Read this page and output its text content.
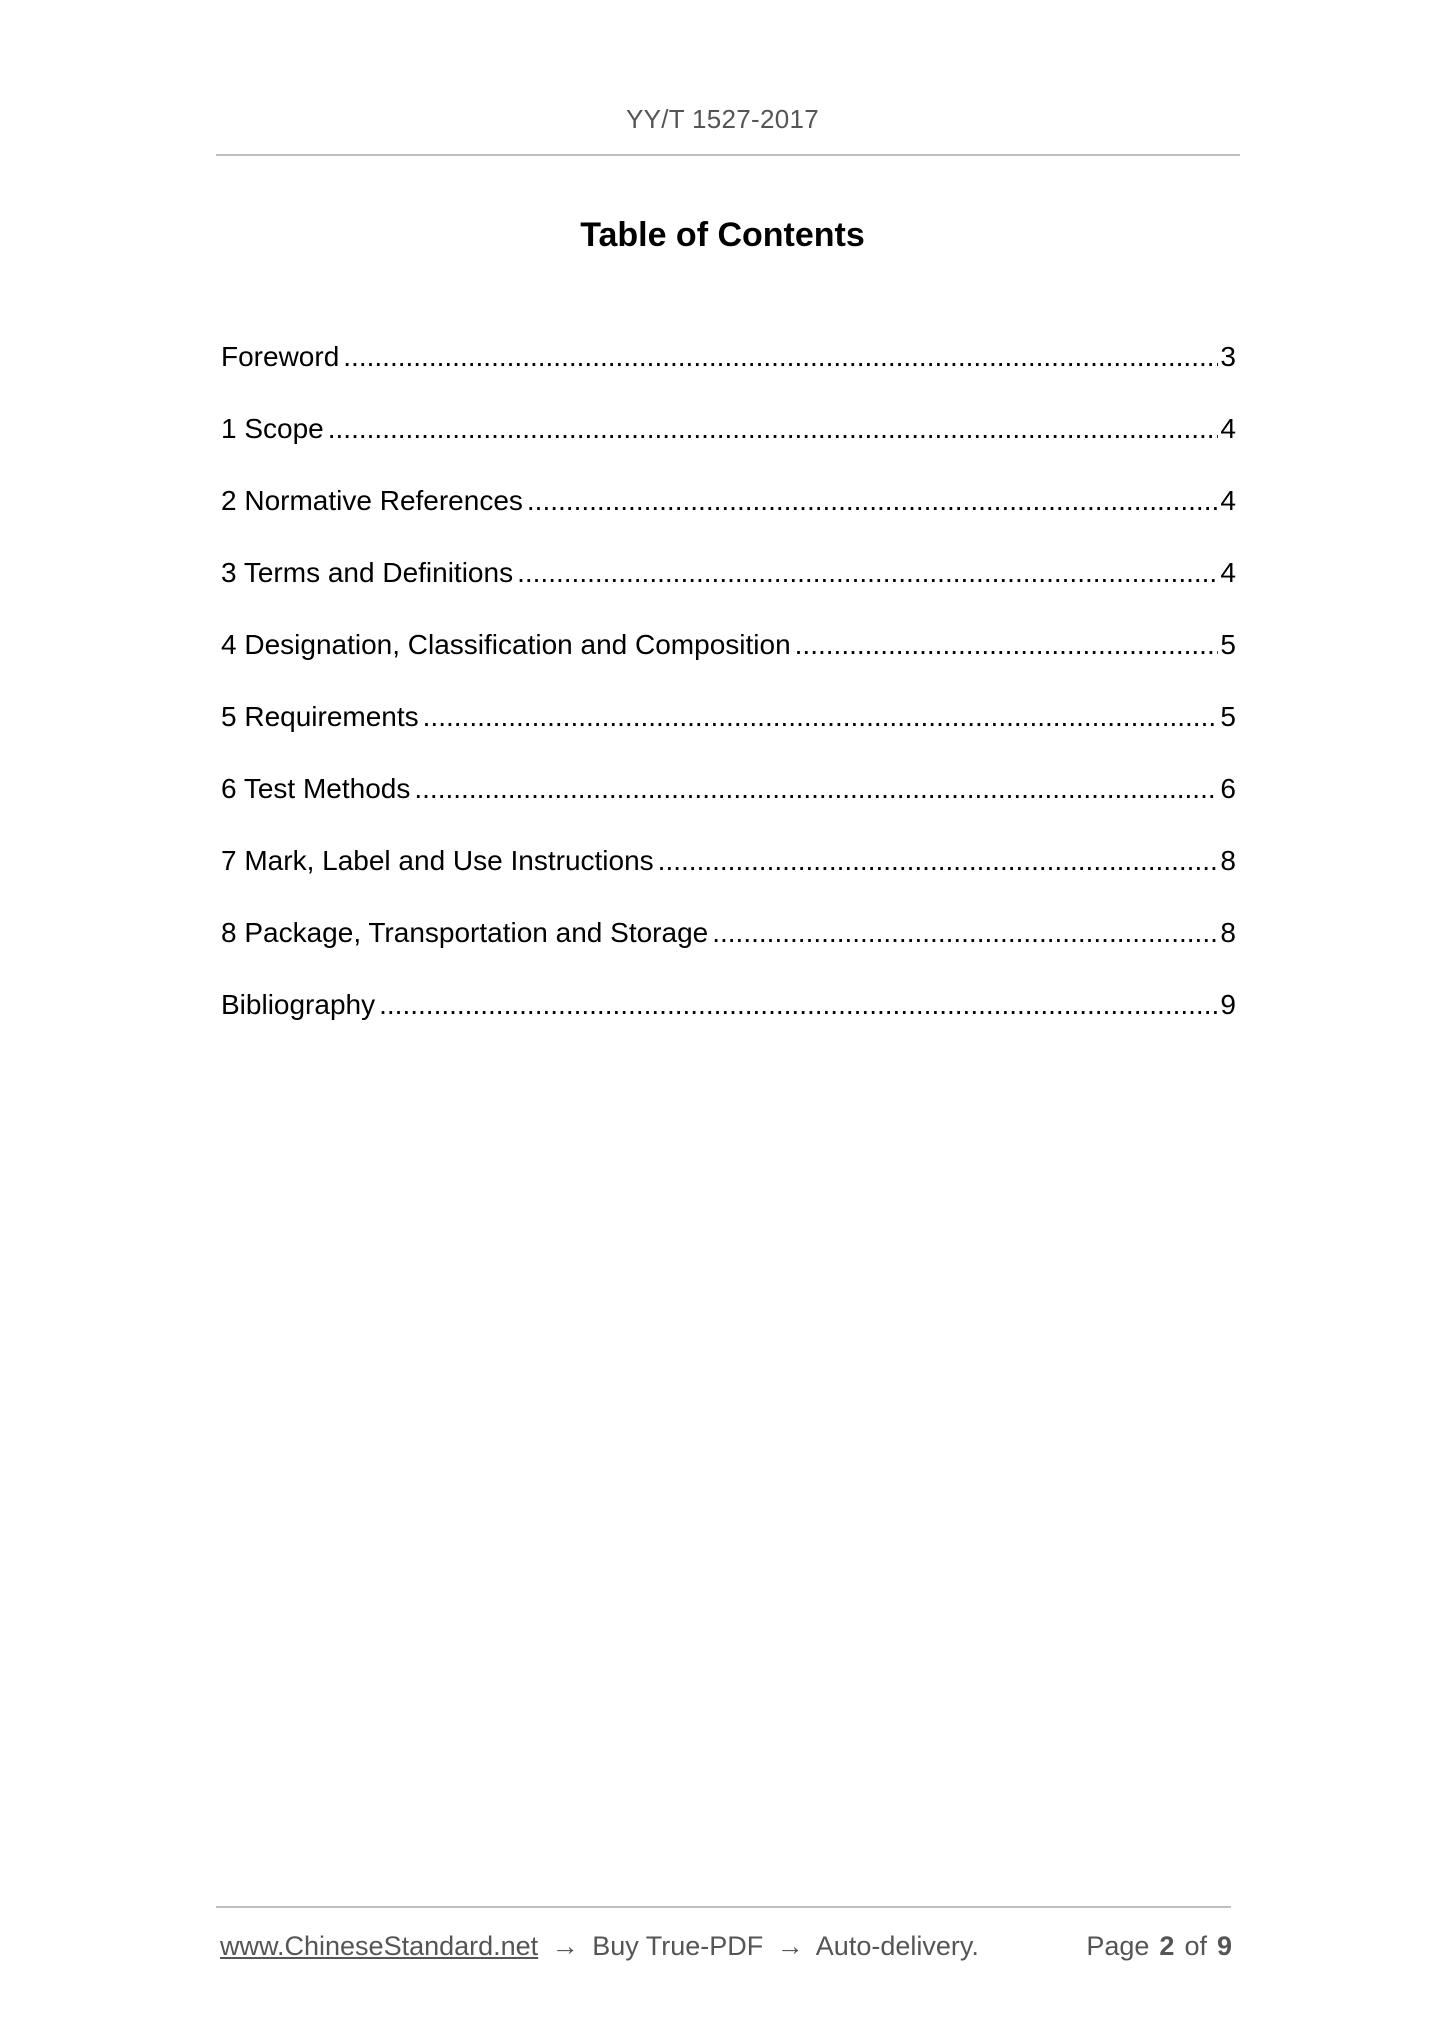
YY/T 1527-2017
Table of Contents
Foreword .....	3
1 Scope .....	4
2 Normative References .....	4
3 Terms and Definitions .....	4
4 Designation, Classification and Composition .....	5
5 Requirements .....	5
6 Test Methods .....	6
7 Mark, Label and Use Instructions .....	8
8 Package, Transportation and Storage .....	8
Bibliography .....	9
www.ChineseStandard.net → Buy True-PDF → Auto-delivery.	Page 2 of 9
